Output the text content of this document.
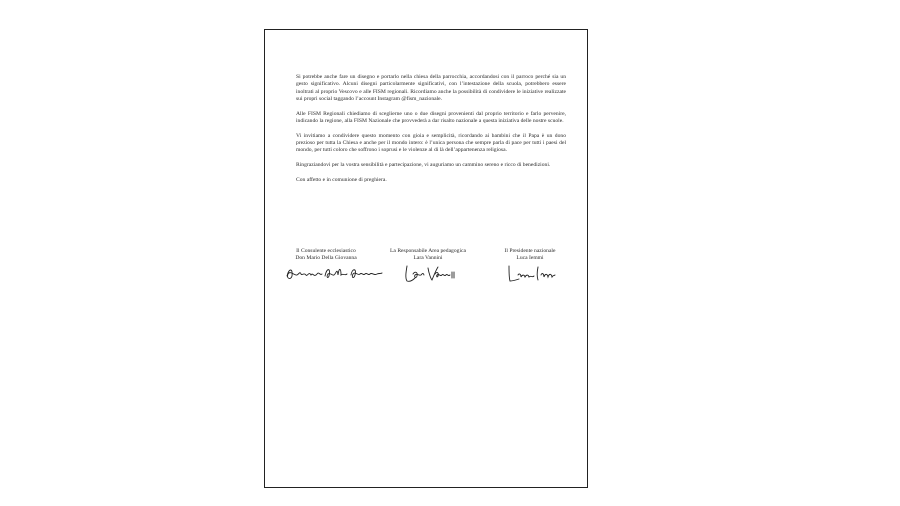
Si potrebbe anche fare un disegno e portarlo nella chiesa della parrocchia, accordandosi con il parroco perché sia un gesto significativo. Alcuni disegni particolarmente significativi, con l’intestazione della scuola, potrebbero essere inoltrati al proprio Vescovo e alle FISM regionali. Ricordiamo anche la possibilità di condividere le iniziative realizzate sui propri social taggando l’account Instagram @fism_nazionale.

Alle FISM Regionali chiediamo di sceglierne uno o due disegni provenienti dal proprio territorio e farlo pervenire, indicando la regione, alla FISM Nazionale che provvederà a dar risalto nazionale a questa iniziativa delle nostre scuole.

Vi invitiamo a condividere questo momento con gioia e semplicità, ricordando ai bambini che il Papa è un dono prezioso per tutta la Chiesa e anche per il mondo intero: è l’unica persona che sempre parla di pace per tutti i paesi del mondo, per tutti coloro che soffrono i soprusi e le violenze al di là dell’appartenenza religiosa.

Ringraziandovi per la vostra sensibilità e partecipazione, vi auguriamo un cammino sereno e ricco di benedizioni.

Con affetto e in comunione di preghiera.

Il Consulente ecclesiastico
Don Mario Della Giovanna
La Responsabile Area pedagogica
Lara Vannini
Il Presidente nazionale
Luca Iemmi
